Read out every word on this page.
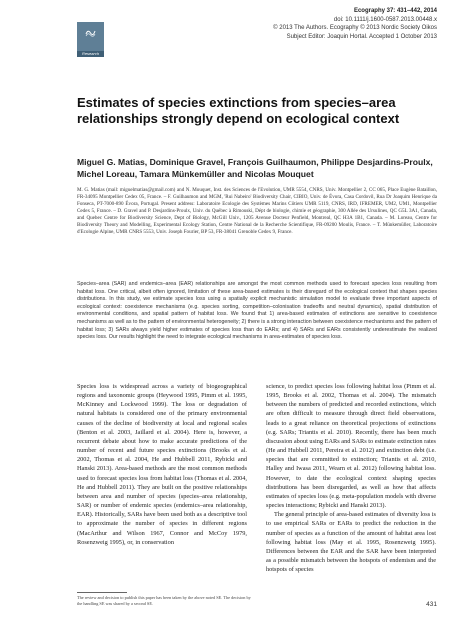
Research
Ecography 37: 431–442, 2014
doi: 10.1111/j.1600-0587.2013.00448.x
© 2013 The Authors. Ecography © 2013 Nordic Society Oikos
Subject Editor: Joaquin Hortal. Accepted 1 October 2013
Estimates of species extinctions from species–area relationships strongly depend on ecological context
Miguel G. Matias, Dominique Gravel, François Guilhaumon, Philippe Desjardins-Proulx,
Michel Loreau, Tamara Münkemüller and Nicolas Mouquet
M. G. Matias (mail: miguelmatias@gmail.com) and N. Mouquet, Inst. des Sciences de l'Evolution, UMR 5554, CNRS, Univ. Montpellier 2, CC 065, Place Eugène Bataillon, FR-34095 Montpellier Cedex 05, France. – F. Guilhaumon and MGM, 'Rui Nabeiro' Biodiversity Chair, CIBIO, Univ. de Évora, Casa Cordovil, Rua Dr Joaquim Henrique da Fonseca, PT-7000-890 Évora, Portugal. Present address: Laboratoire Ecologie des Systèmes Marins Côtiers UMR 5119, CNRS, IRD, IFREMER, UM2, UM1, Montpellier Cedex 5, France. – D. Gravel and P. Desjardins-Proulx, Univ. du Québec à Rimouski, Dépt de biologie, chimie et géographie, 300 Allée des Ursulines, QC G5L 3A1, Canada, and Quebec Centre for Biodiversity Science, Dept of Biology, McGill Univ., 1205 Avenue Docteur Penfield, Montreal, QC H3A 1B1, Canada. – M. Loreau, Centre for Biodiversity Theory and Modelling, Experimental Ecology Station, Centre National de la Recherche Scientifique, FR-09200 Moulis, France. – T. Münkemüller, Laboratoire d'Ecologie Alpine, UMR CNRS 5553, Univ. Joseph Fourier, BP 53, FR-38041 Grenoble Cedex 9, France.
Species–area (SAR) and endemics–area (EAR) relationships are amongst the most common methods used to forecast species loss resulting from habitat loss. One critical, albeit often ignored, limitation of these area-based estimates is their disregard of the ecological context that shapes species distributions. In this study, we estimate species loss using a spatially explicit mechanistic simulation model to evaluate three important aspects of ecological context: coexistence mechanisms (e.g. species sorting, competition–colonisation tradeoffs and neutral dynamics), spatial distribution of environmental conditions, and spatial pattern of habitat loss. We found that 1) area-based estimates of extinctions are sensitive to coexistence mechanisms as well as to the pattern of environmental heterogeneity; 2) there is a strong interaction between coexistence mechanisms and the pattern of habitat loss; 3) SARs always yield higher estimates of species loss than do EARs; and 4) SARs and EARs consistently underestimate the realized species loss. Our results highlight the need to integrate ecological mechanisms in area-estimates of species loss.

Species loss is widespread across a variety of biogeographical regions and taxonomic groups (Heywood 1995, Pimm et al. 1995, McKinney and Lockwood 1999). The loss or degradation of natural habitats is considered one of the primary environmental causes of the decline of biodiversity at local and regional scales (Benton et al. 2003, Jaillard et al. 2004). Here is, however, a recurrent debate about how to make accurate predictions of the number of recent and future species extinctions (Brooks et al. 2002, Thomas et al. 2004, He and Hubbell 2011, Rybicki and Hanski 2013). Area-based methods are the most common methods used to forecast species loss from habitat loss (Thomas et al. 2004, He and Hubbell 2011). They are built on the positive relationships between area and number of species (species–area relationship, SAR) or number of endemic species (endemics–area relationship, EAR). Historically, SARs have been used both as a descriptive tool to approximate the number of species in different regions (MacArthur and Wilson 1967, Connor and McCoy 1979, Rosenzweig 1995), or, in conservation

science, to predict species loss following habitat loss (Pimm et al. 1995, Brooks et al. 2002, Thomas et al. 2004). The mismatch between the numbers of predicted and recorded extinctions, which are often difficult to measure through direct field observations, leads to a great reliance on theoretical projections of extinctions (e.g. SARs; Triantis et al. 2010). Recently, there has been much discussion about using EARs and SARs to estimate extinction rates (He and Hubbell 2011, Pereira et al. 2012) and extinction debt (i.e. species that are committed to extinction; Triantis et al. 2010, Halley and Iwasa 2011, Wearn et al. 2012) following habitat loss. However, to date the ecological context shaping species distributions has been disregarded, as well as how that affects estimates of species loss (e.g. meta-population models with diverse species interactions; Rybicki and Hanski 2013).

The general principle of area-based estimates of diversity loss is to use empirical SARs or EARs to predict the reduction in the number of species as a function of the amount of habitat area lost following habitat loss (May et al. 1995, Rosenzweig 1995). Differences between the EAR and the SAR have been interpreted as a possible mismatch between the hotspots of endemism and the hotspots of species

The review and decision to publish this paper has been taken by the above noted SE. The decision by the handling SE was shared by a second SE.	431
